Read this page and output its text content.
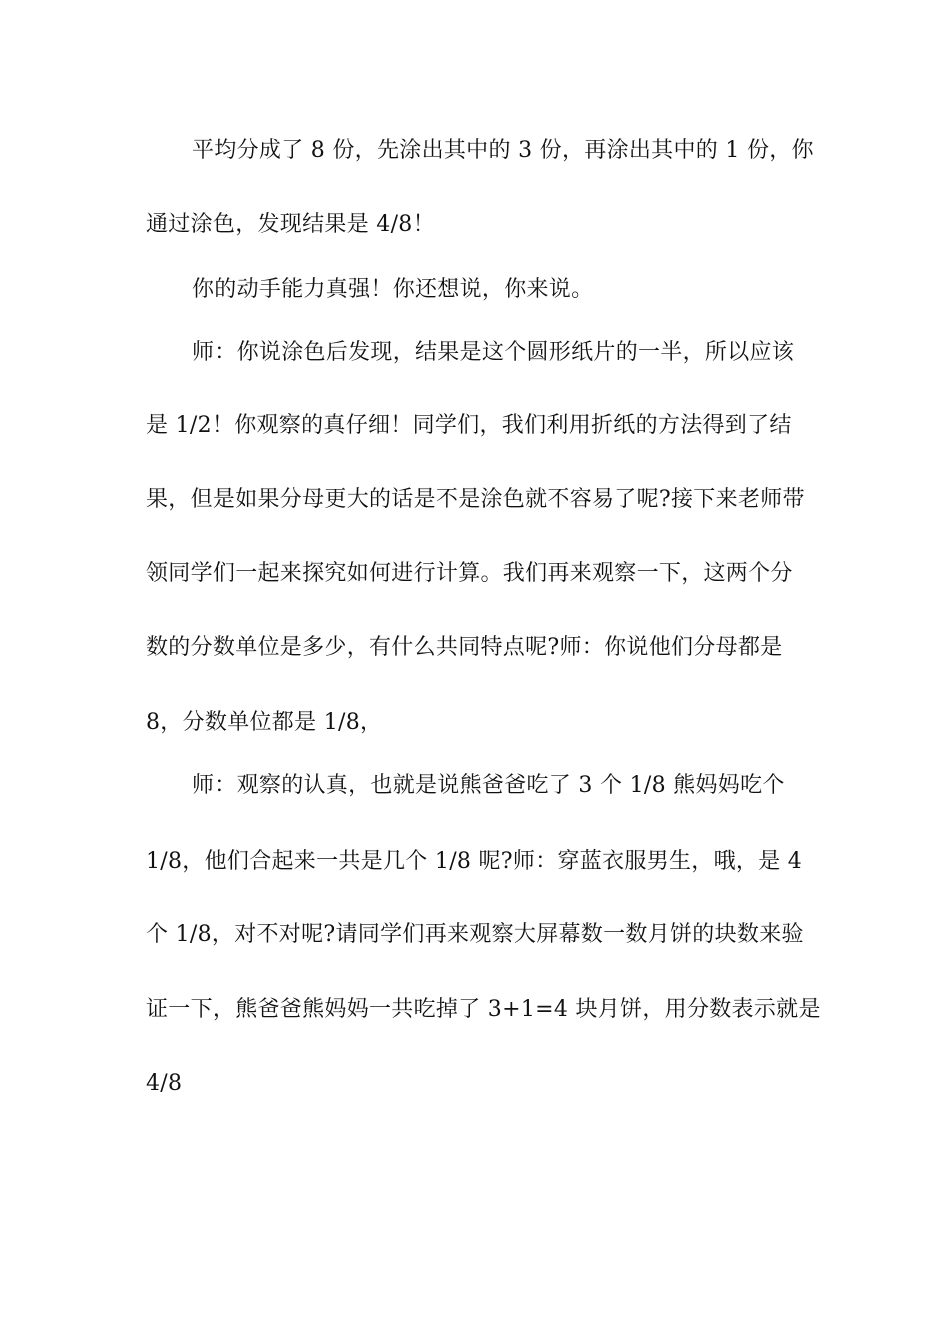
平均分成了 8 份，先涂出其中的 3 份，再涂出其中的 1 份，你
通过涂色，发现结果是 4/8！
你的动手能力真强！你还想说，你来说。
师：你说涂色后发现，结果是这个圆形纸片的一半，所以应该
是 1/2！你观察的真仔细！同学们，我们利用折纸的方法得到了结
果，但是如果分母更大的话是不是涂色就不容易了呢?接下来老师带
领同学们一起来探究如何进行计算。我们再来观察一下，这两个分
数的分数单位是多少，有什么共同特点呢?师：你说他们分母都是
8，分数单位都是 1/8，
师：观察的认真，也就是说熊爸爸吃了 3 个 1/8 熊妈妈吃个
1/8，他们合起来一共是几个 1/8 呢?师：穿蓝衣服男生，哦，是 4
个 1/8，对不对呢?请同学们再来观察大屏幕数一数月饼的块数来验
证一下，熊爸爸熊妈妈一共吃掉了 3+1=4 块月饼，用分数表示就是
4/8
